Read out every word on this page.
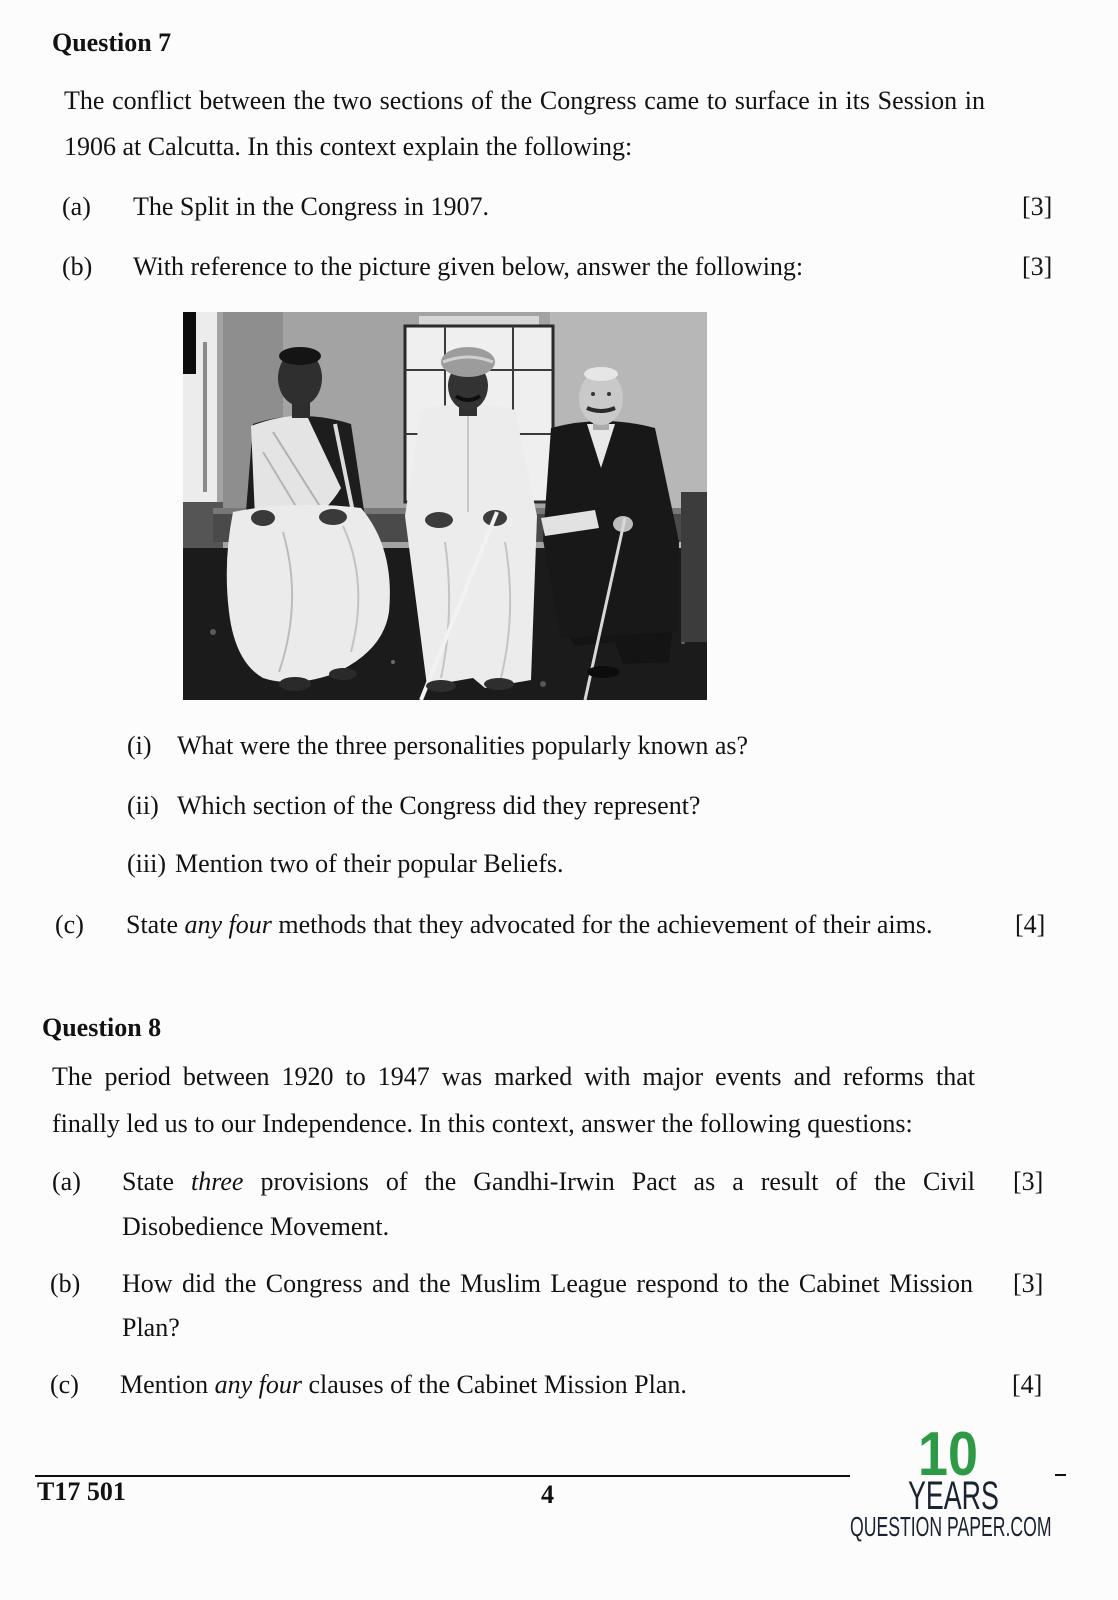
Question 7
The conflict between the two sections of the Congress came to surface in its Session in
1906 at Calcutta. In this context explain the following:
(a) The Split in the Congress in 1907.	[3]
(b) With reference to the picture given below, answer the following:	[3]
(i) What were the three personalities popularly known as?
(ii) Which section of the Congress did they represent?
(iii) Mention two of their popular Beliefs.
(c) State any four methods that they advocated for the achievement of their aims.	[4]
Question 8
The period between 1920 to 1947 was marked with major events and reforms that
finally led us to our Independence. In this context, answer the following questions:
(a) State three provisions of the Gandhi-Irwin Pact as a result of the Civil [3]
Disobedience Movement.
(b) How did the Congress and the Muslim League respond to the Cabinet Mission [3]
Plan?
(c) Mention any four clauses of the Cabinet Mission Plan.	[4]
T17 501	4
10
YEARS
QUESTION PAPER.COM
